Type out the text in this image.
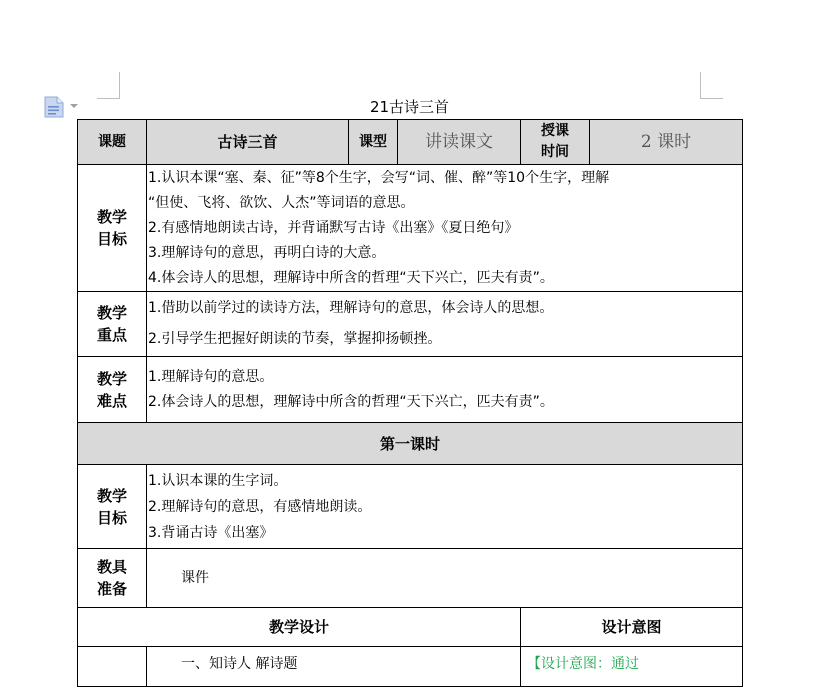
21古诗三首
课题	古诗三首	课型	讲读课文	授课时间	2 课时
教学目标	1.认识本课“塞、秦、征”等8个生字，会写“词、催、醉”等10个生字，理解
“但使、飞将、欲饮、人杰”等词语的意思。
2.有感情地朗读古诗，并背诵默写古诗《出塞》《夏日绝句》
3.理解诗句的意思，再明白诗的大意。
4.体会诗人的思想，理解诗中所含的哲理“天下兴亡，匹夫有责”。				

教学重点	1.借助以前学过的读诗方法，理解诗句的意思，体会诗人的思想。
2.引导学生把握好朗读的节奏，掌握抑扬顿挫。				

教学难点	1.理解诗句的意思。
2.体会诗人的思想，理解诗中所含的哲理“天下兴亡，匹夫有责”。				

第一课时					
教学目标	1.认识本课的生字词。
2.理解诗句的意思，有感情地朗读。
3.背诵古诗《出塞》				

教具准备	课件				
教学设计				设计意图	
	一、知诗人 解诗题			【设计意图：通过	
